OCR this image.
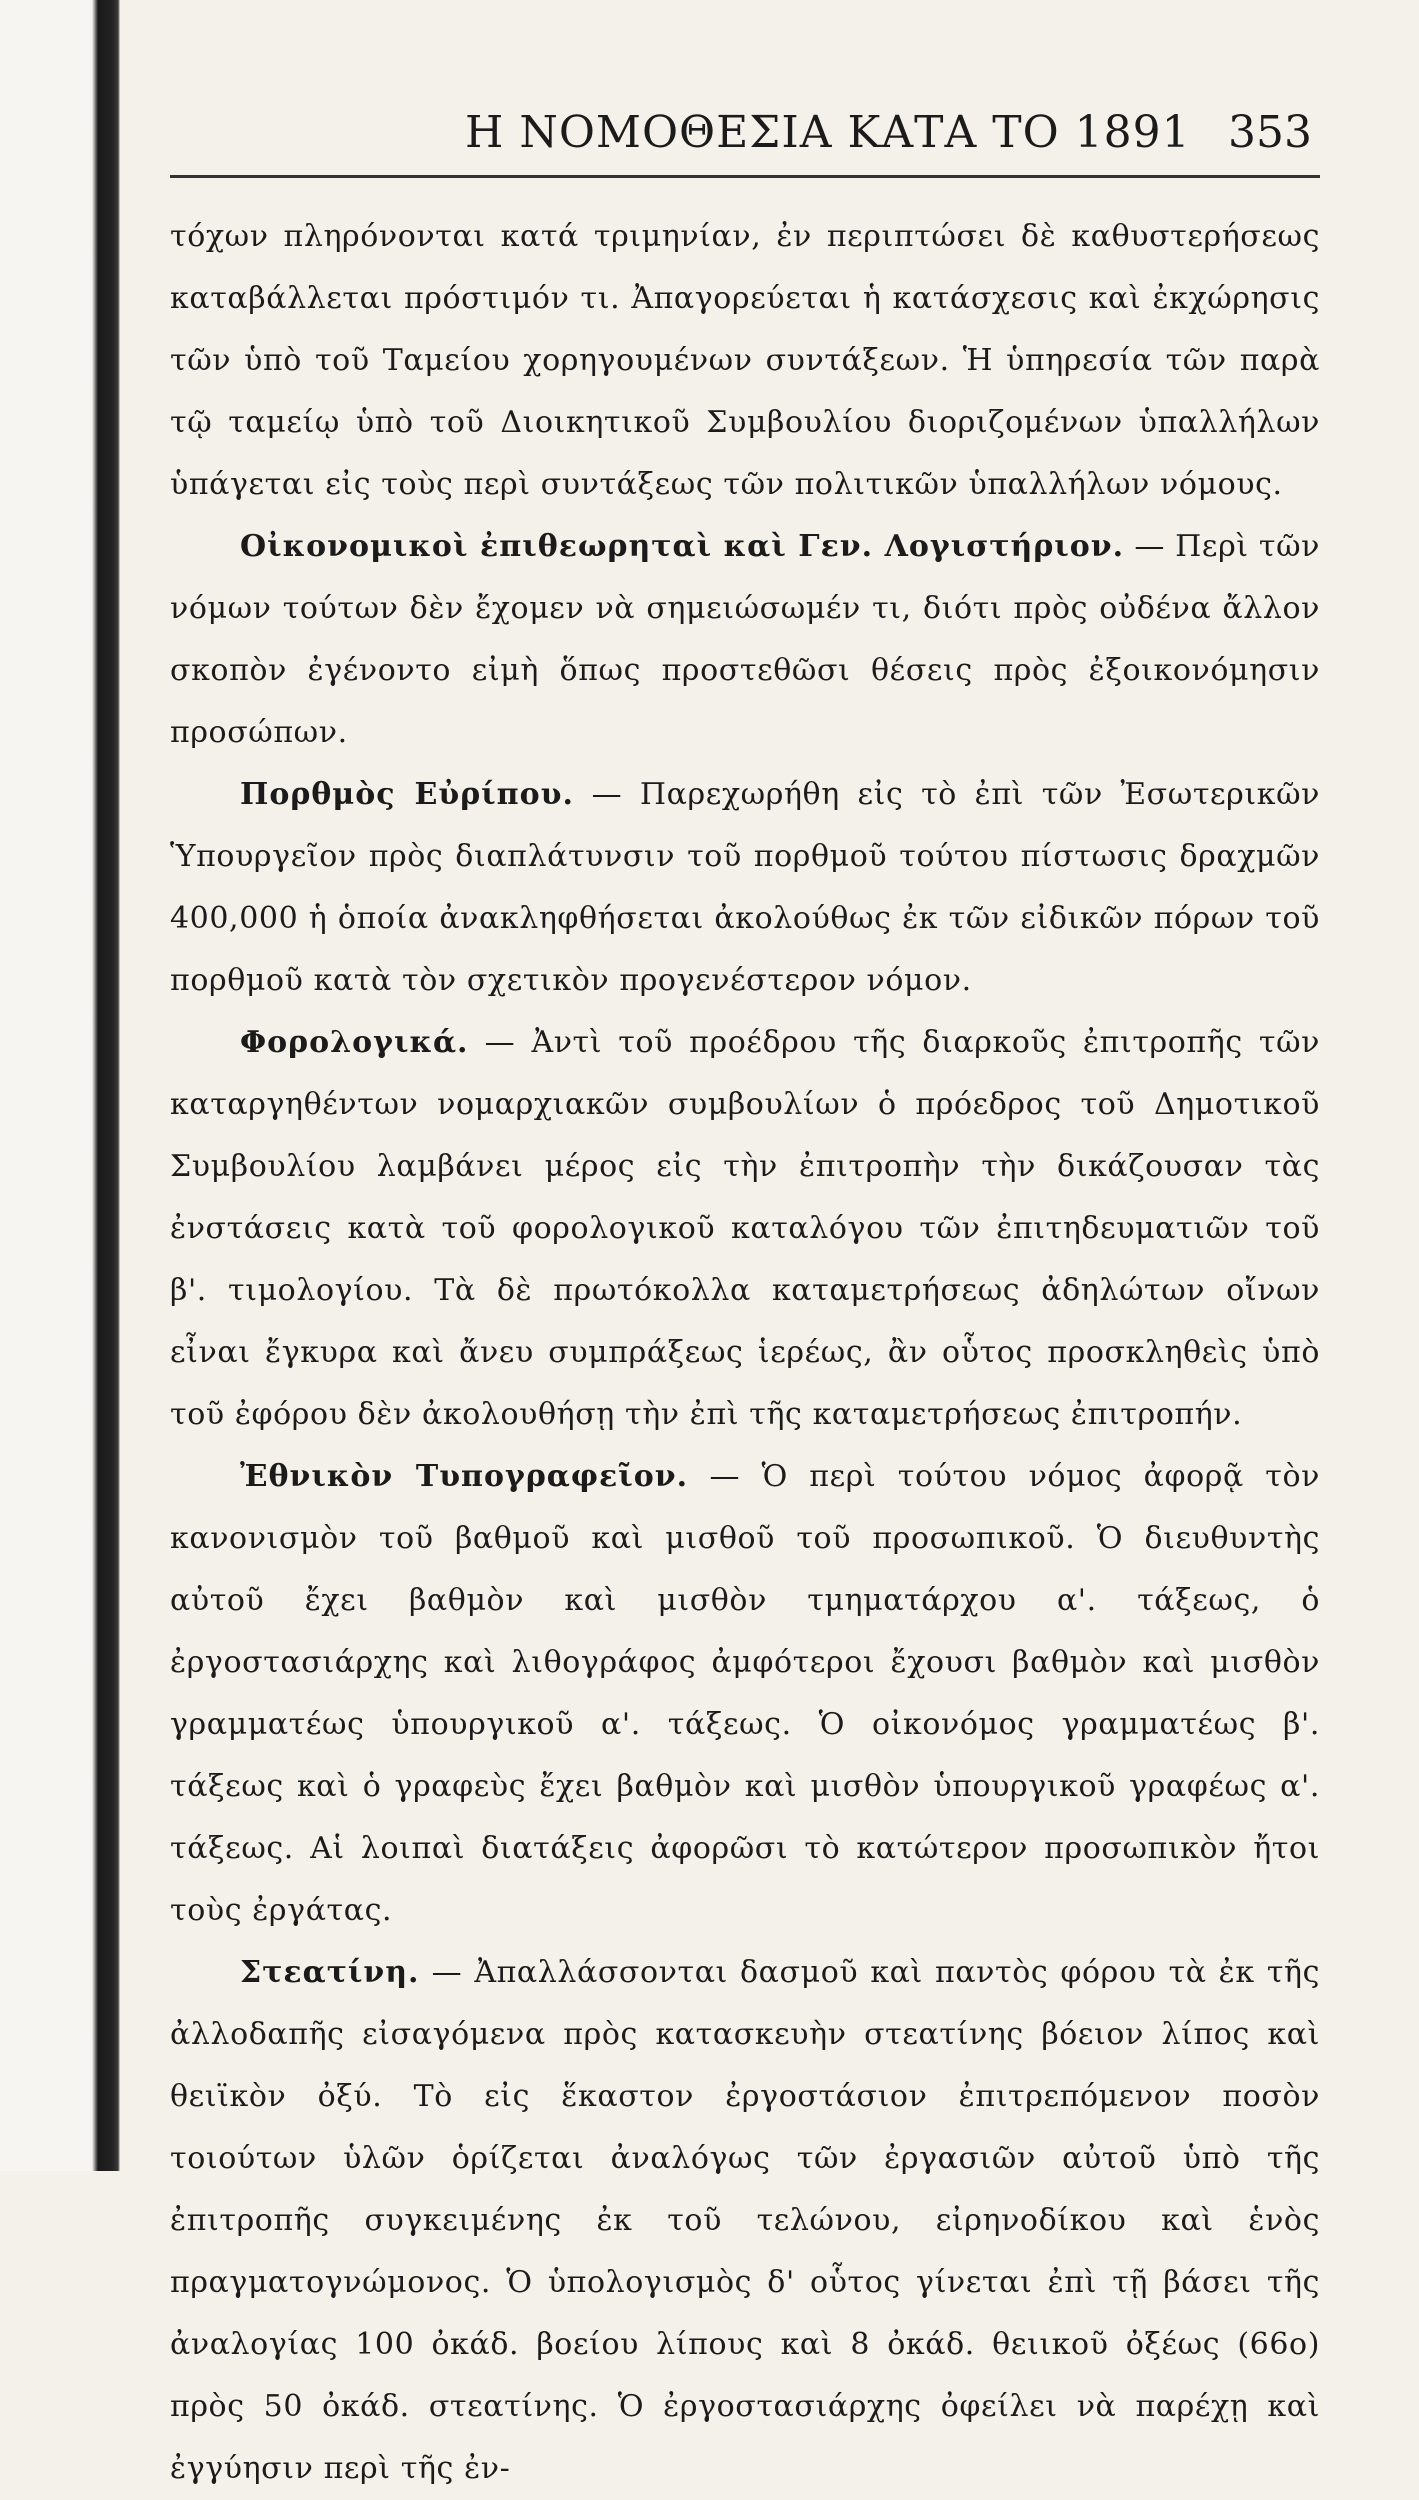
Η ΝΟΜΟΘΕΣΙΑ ΚΑΤΑ ΤΟ 1891 353

τόχων πληρόνονται κατά τριμηνίαν, ἐν περιπτώσει δὲ καθυστερήσεως καταβάλλεται πρόστιμόν τι. Ἀπαγορεύεται ἡ κατάσχεσις καὶ ἐκχώρησις τῶν ὑπὸ τοῦ Ταμείου χορηγουμένων συντάξεων. Ἡ ὑπηρεσία τῶν παρὰ τῷ ταμείῳ ὑπὸ τοῦ Διοικητικοῦ Συμβουλίου διοριζομένων ὑπαλλήλων ὑπάγεται εἰς τοὺς περὶ συντάξεως τῶν πολιτικῶν ὑπαλλήλων νόμους.

Οἰκονομικοὶ ἐπιθεωρηταὶ καὶ Γεν. Λογιστήριον. — Περὶ τῶν νόμων τούτων δὲν ἔχομεν νὰ σημειώσωμέν τι, διότι πρὸς οὐδένα ἄλλον σκοπὸν ἐγένοντο εἰμὴ ὅπως προστεθῶσι θέσεις πρὸς ἐξοικονόμησιν προσώπων.

Πορθμὸς Εὐρίπου. — Παρεχωρήθη εἰς τὸ ἐπὶ τῶν Ἐσωτερικῶν Ὑπουργεῖον πρὸς διαπλάτυνσιν τοῦ πορθμοῦ τούτου πίστωσις δραχμῶν 400,000 ἡ ὁποία ἀνακληφθήσεται ἀκολούθως ἐκ τῶν εἰδικῶν πόρων τοῦ πορθμοῦ κατὰ τὸν σχετικὸν προγενέστερον νόμον.

Φορολογικά. — Ἀντὶ τοῦ προέδρου τῆς διαρκοῦς ἐπιτροπῆς τῶν καταργηθέντων νομαρχιακῶν συμβουλίων ὁ πρόεδρος τοῦ Δημοτικοῦ Συμβουλίου λαμβάνει μέρος εἰς τὴν ἐπιτροπὴν τὴν δικάζουσαν τὰς ἐνστάσεις κατὰ τοῦ φορολογικοῦ καταλόγου τῶν ἐπιτηδευματιῶν τοῦ β'. τιμολογίου. Τὰ δὲ πρωτόκολλα καταμετρήσεως ἀδηλώτων οἴνων εἶναι ἔγκυρα καὶ ἄνευ συμπράξεως ἱερέως, ἂν οὗτος προσκληθεὶς ὑπὸ τοῦ ἐφόρου δὲν ἀκολουθήσῃ τὴν ἐπὶ τῆς καταμετρήσεως ἐπιτροπήν.

Ἐθνικὸν Τυπογραφεῖον. — Ὁ περὶ τούτου νόμος ἀφορᾷ τὸν κανονισμὸν τοῦ βαθμοῦ καὶ μισθοῦ τοῦ προσωπικοῦ. Ὁ διευθυντὴς αὐτοῦ ἔχει βαθμὸν καὶ μισθὸν τμηματάρχου α'. τάξεως, ὁ ἐργοστασιάρχης καὶ λιθογράφος ἀμφότεροι ἔχουσι βαθμὸν καὶ μισθὸν γραμματέως ὑπουργικοῦ α'. τάξεως. Ὁ οἰκονόμος γραμματέως β'. τάξεως καὶ ὁ γραφεὺς ἔχει βαθμὸν καὶ μισθὸν ὑπουργικοῦ γραφέως α'. τάξεως. Αἱ λοιπαὶ διατάξεις ἀφορῶσι τὸ κατώτερον προσωπικὸν ἤτοι τοὺς ἐργάτας.

Στεατίνη. — Ἀπαλλάσσονται δασμοῦ καὶ παντὸς φόρου τὰ ἐκ τῆς ἀλλοδαπῆς εἰσαγόμενα πρὸς κατασκευὴν στεατίνης βόειον λίπος καὶ θειϊκὸν ὀξύ. Τὸ εἰς ἕκαστον ἐργοστάσιον ἐπιτρεπόμενον ποσὸν τοιούτων ὑλῶν ὁρίζεται ἀναλόγως τῶν ἐργασιῶν αὐτοῦ ὑπὸ τῆς ἐπιτροπῆς συγκειμένης ἐκ τοῦ τελώνου, εἰρηνοδίκου καὶ ἑνὸς πραγματογνώμονος. Ὁ ὑπολογισμὸς δ' οὗτος γίνεται ἐπὶ τῇ βάσει τῆς ἀναλογίας 100 ὀκάδ. βοείου λίπους καὶ 8 ὀκάδ. θειικοῦ ὀξέως (66ο) πρὸς 50 ὀκάδ. στεατίνης. Ὁ ἐργοστασιάρχης ὀφείλει νὰ παρέχῃ καὶ ἐγγύησιν περὶ τῆς ἐν-
